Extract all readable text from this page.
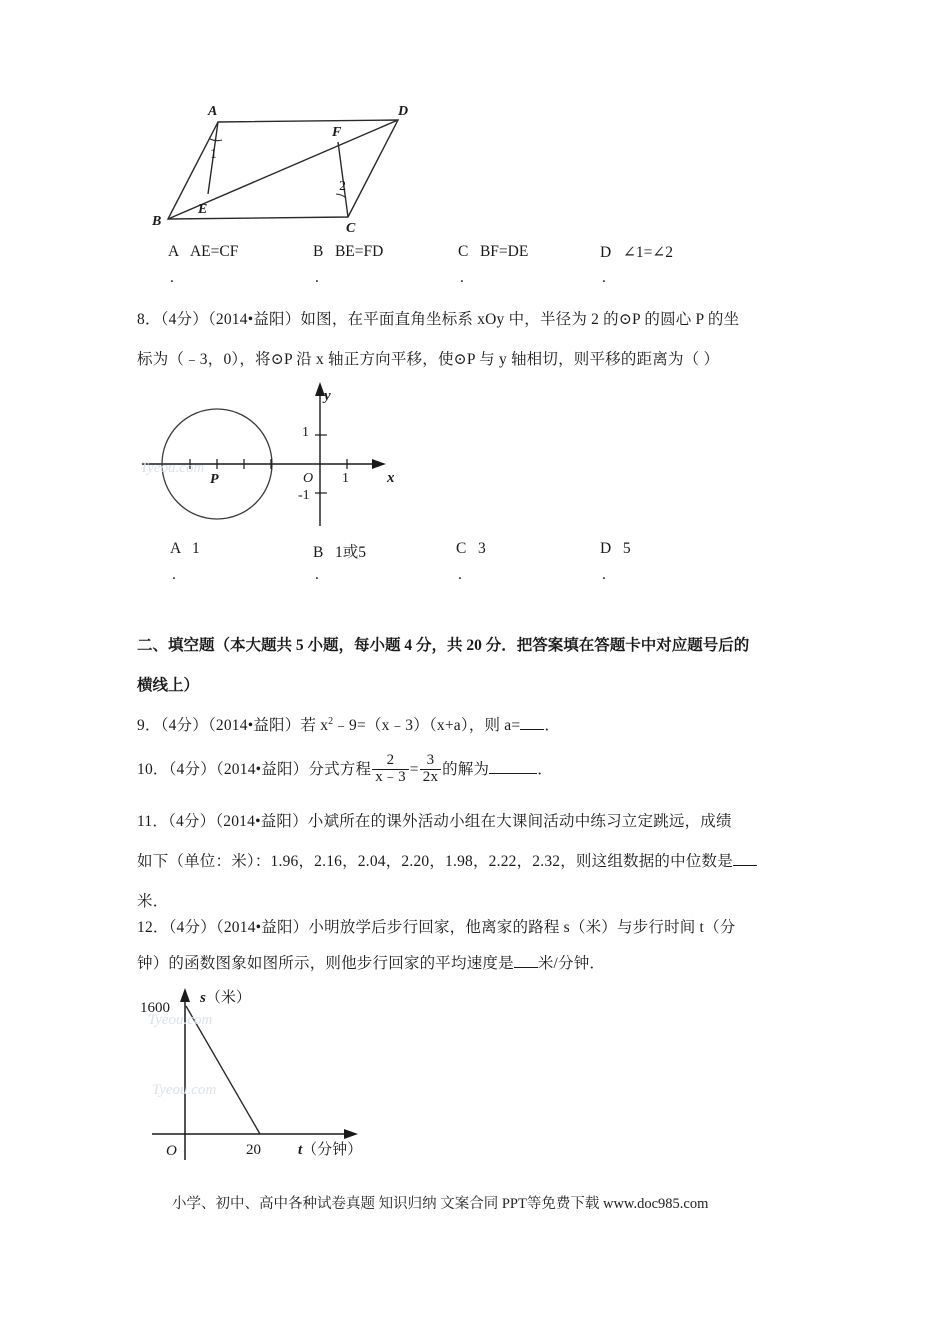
A
B	C
D
E
F
1
2
A AE=CF
.
B BE=FD
.
C BF=DE
.
D ∠1=∠2
.
8．（4分）（2014•益阳）如图，在平面直角坐标系 xOy 中，半径为 2 的⊙P 的圆心 P 的坐
标为（﹣3，0），将⊙P 沿 x 轴正方向平移，使⊙P 与 y 轴相切，则平移的距离为（ ）
1
-1
O 1
P	x
y
Tyeou.com
A 1
.
B 1或5
.
C 3
.
D 5
.
二、填空题（本大题共 5 小题，每小题 4 分，共 20 分．把答案填在答题卡中对应题号后的
横线上）
9．（4分）（2014•益阳）若 $x^2﹣9=(x﹣3)(x+a)$，则 a= ．
10．（4分）（2014•益阳）分式方程 $\frac{2}{x﹣3} = \frac{3}{2x}$ 的解为	．
11．（4分）（2014•益阳）小斌所在的课外活动小组在大课间活动中练习立定跳远，成绩
如下（单位：米）：1.96，2.16，2.04，2.20，1.98，2.22，2.32，则这组数据的中位数是
米．
12．（4分）（2014•益阳）小明放学后步行回家，他离家的路程 s（米）与步行时间 t（分
钟）的函数图象如图所示，则他步行回家的平均速度是 米/分钟．
1600
20
O
s（米）
t（分钟）
Tyeou.com
Tyeou.com
小学、初中、高中各种试卷真题 知识归纳 文案合同 PPT等免费下载 www.doc985.com
